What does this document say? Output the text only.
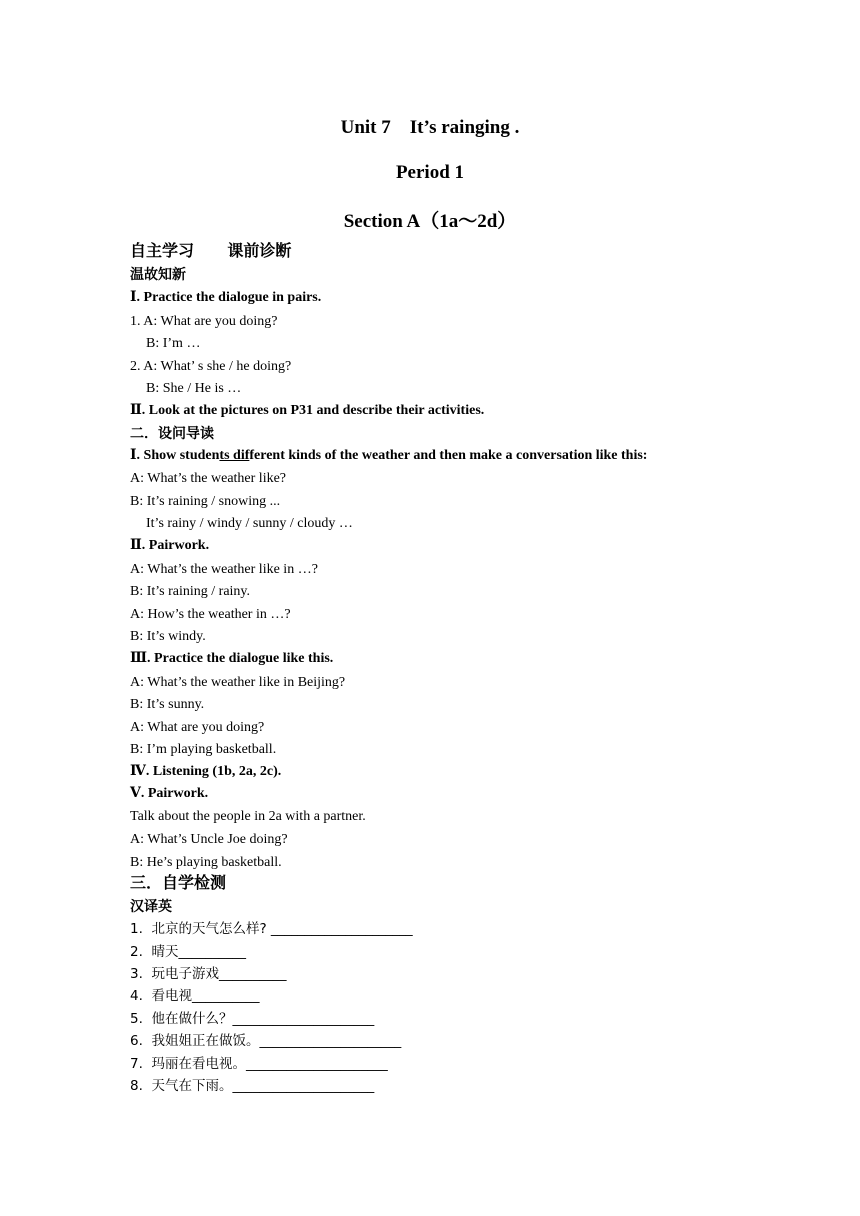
Unit 7    It’s rainging .
Period 1
Section A（1a～2d）
自主学习      课前诊断
温故知新
Ⅰ. Practice the dialogue in pairs.
1. A: What are you doing?
B: I’m …
2. A: What’ s she / he doing?
B: She / He is …
Ⅱ. Look at the pictures on P31 and describe their activities.
二．设问导读
Ⅰ. Show students different kinds of the weather and then make a conversation like this:
A: What’s the weather like?
B: It’s raining / snowing ...
It’s rainy / windy / sunny / cloudy …
Ⅱ. Pairwork.
A: What’s the weather like in …?
B: It’s raining / rainy.
A: How’s the weather in …?
B: It’s windy.
Ⅲ. Practice the dialogue like this.
A: What’s the weather like in Beijing?
B: It’s sunny.
A: What are you doing?
B: I’m playing basketball.
Ⅳ. Listening (1b, 2a, 2c).
Ⅴ. Pairwork.
Talk about the people in 2a with a partner.
A: What’s Uncle Joe doing?
B: He’s playing basketball.
三．自学检测
汉译英
1.  北京的天气怎么样? _____________________
2.  晴天__________
3.  玩电子游戏__________
4.  看电视__________
5.  他在做什么？_____________________
6.  我姐姐正在做饭。_____________________
7.  玛丽在看电视。_____________________
8.  天气在下雨。_____________________
